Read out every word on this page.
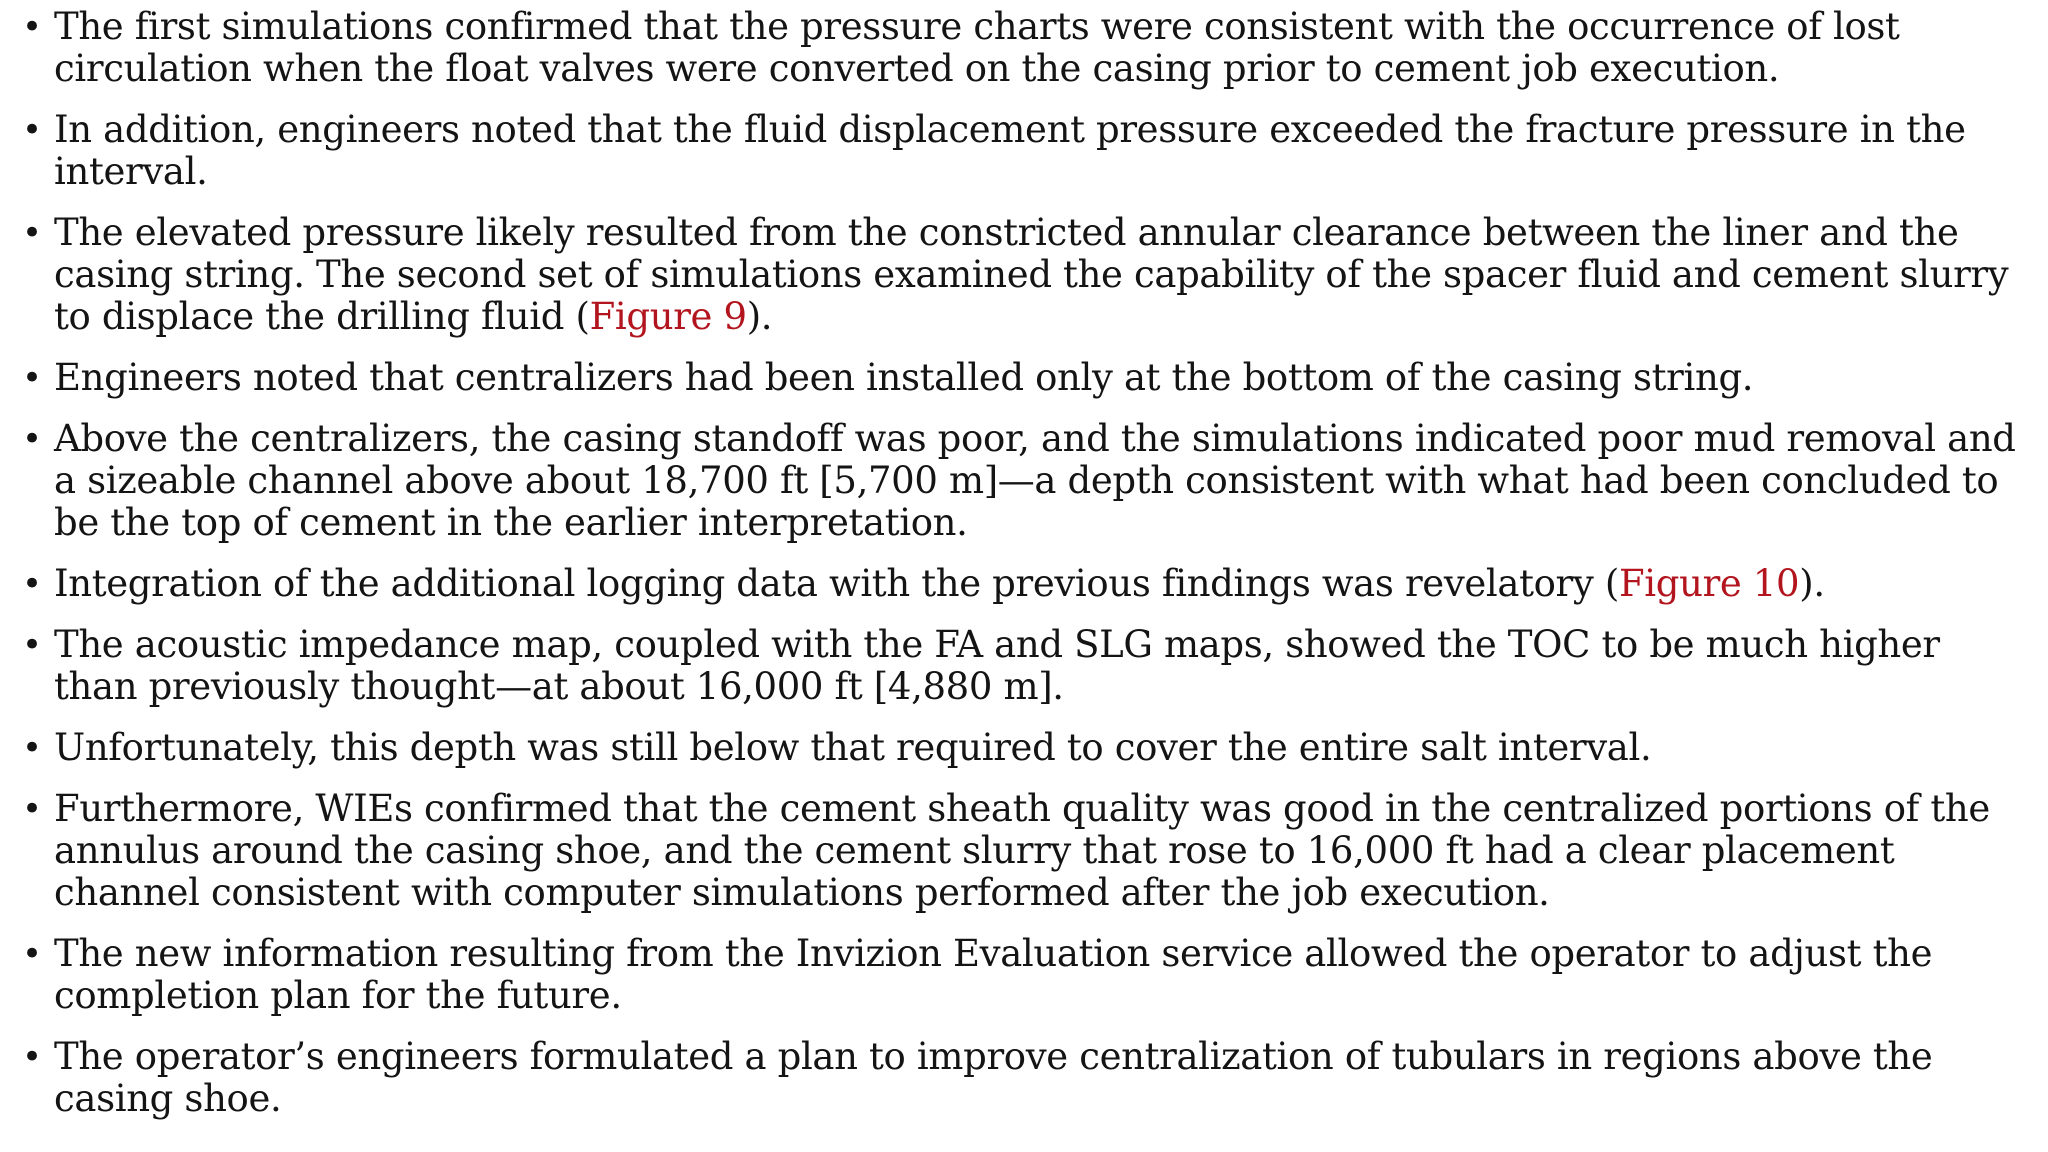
• The first simulations confirmed that the pressure charts were consistent with the occurrence of lost circulation when the float valves were converted on the casing prior to cement job execution.
• In addition, engineers noted that the fluid displacement pressure exceeded the fracture pressure in the interval.
• The elevated pressure likely resulted from the constricted annular clearance between the liner and the casing string. The second set of simulations examined the capability of the spacer fluid and cement slurry to displace the drilling fluid (Figure 9).
• Engineers noted that centralizers had been installed only at the bottom of the casing string.
• Above the centralizers, the casing standoff was poor, and the simulations indicated poor mud removal and a sizeable channel above about 18,700 ft [5,700 m]—a depth consistent with what had been concluded to be the top of cement in the earlier interpretation.
• Integration of the additional logging data with the previous findings was revelatory (Figure 10).
• The acoustic impedance map, coupled with the FA and SLG maps, showed the TOC to be much higher than previously thought—at about 16,000 ft [4,880 m].
• Unfortunately, this depth was still below that required to cover the entire salt interval.
• Furthermore, WIEs confirmed that the cement sheath quality was good in the centralized portions of the annulus around the casing shoe, and the cement slurry that rose to 16,000 ft had a clear placement channel consistent with computer simulations performed after the job execution.
• The new information resulting from the Invizion Evaluation service allowed the operator to adjust the completion plan for the future.
• The operator’s engineers formulated a plan to improve centralization of tubulars in regions above the casing shoe.
